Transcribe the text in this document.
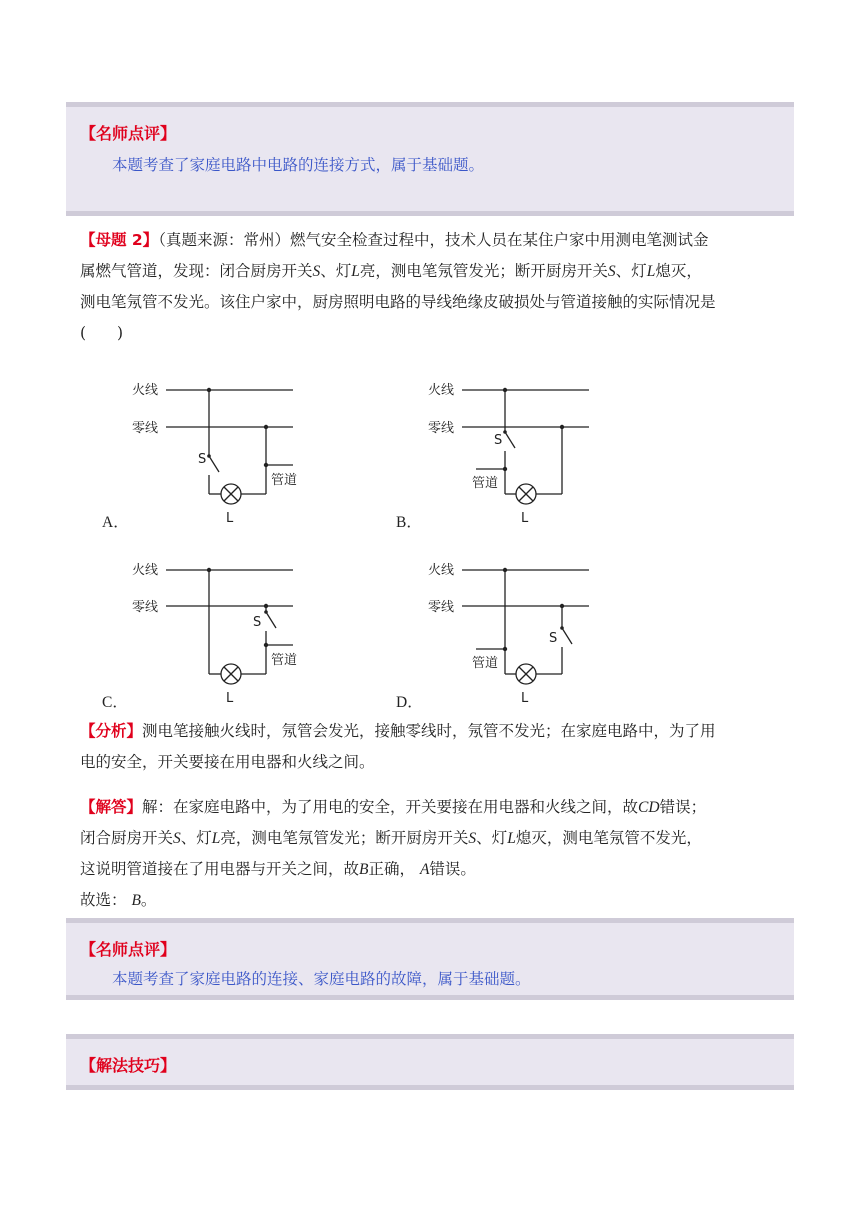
【名师点评】
本题考查了家庭电路中电路的连接方式，属于基础题。

【母题 2】（真题来源：常州）燃气安全检查过程中，技术人员在某住户家中用测电笔测试金
属燃气管道，发现：闭合厨房开关S、灯L亮，测电笔氖管发光；断开厨房开关S、灯L熄灭，
测电笔氖管不发光。该住户家中，厨房照明电路的导线绝缘皮破损处与管道接触的实际情况是
(　　)

火线
零线
S
管道
L
A．
火线
零线
S
管道
L
B．
火线
零线
S
管道
L
C．
火线
零线
管道
S
L
D．

【分析】测电笔接触火线时，氖管会发光，接触零线时，氖管不发光；在家庭电路中，为了用
电的安全，开关要接在用电器和火线之间。

【解答】解：在家庭电路中，为了用电的安全，开关要接在用电器和火线之间，故CD错误；
闭合厨房开关S、灯L亮，测电笔氖管发光；断开厨房开关S、灯L熄灭，测电笔氖管不发光，
这说明管道接在了用电器与开关之间，故B正确， A错误。
故选： B。

【名师点评】
本题考查了家庭电路的连接、家庭电路的故障，属于基础题。
【解法技巧】
